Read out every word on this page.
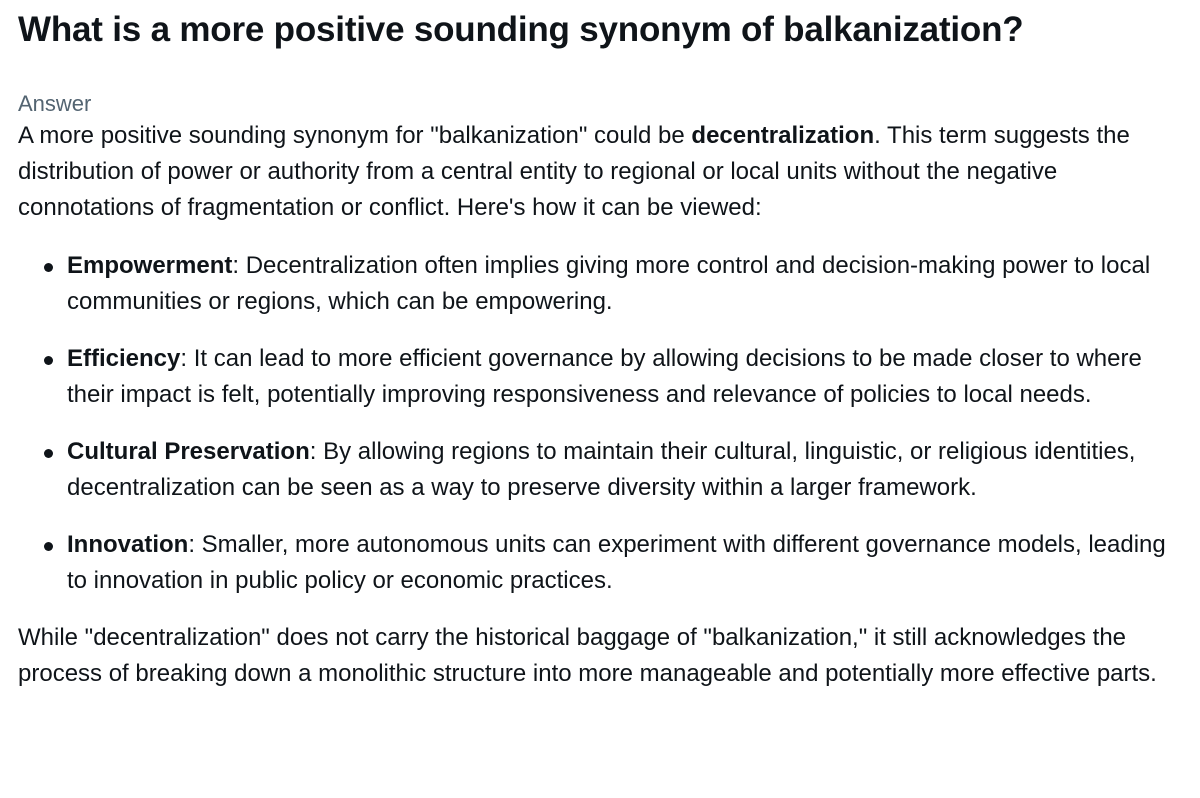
What is a more positive sounding synonym of balkanization?
Answer

A more positive sounding synonym for "balkanization" could be decentralization. This term suggests the distribution of power or authority from a central entity to regional or local units without the negative connotations of fragmentation or conflict. Here's how it can be viewed:

Empowerment: Decentralization often implies giving more control and decision-making power to local communities or regions, which can be empowering.
Efficiency: It can lead to more efficient governance by allowing decisions to be made closer to where their impact is felt, potentially improving responsiveness and relevance of policies to local needs.
Cultural Preservation: By allowing regions to maintain their cultural, linguistic, or religious identities, decentralization can be seen as a way to preserve diversity within a larger framework.
Innovation: Smaller, more autonomous units can experiment with different governance models, leading to innovation in public policy or economic practices.

While "decentralization" does not carry the historical baggage of "balkanization," it still acknowledges the process of breaking down a monolithic structure into more manageable and potentially more effective parts.
